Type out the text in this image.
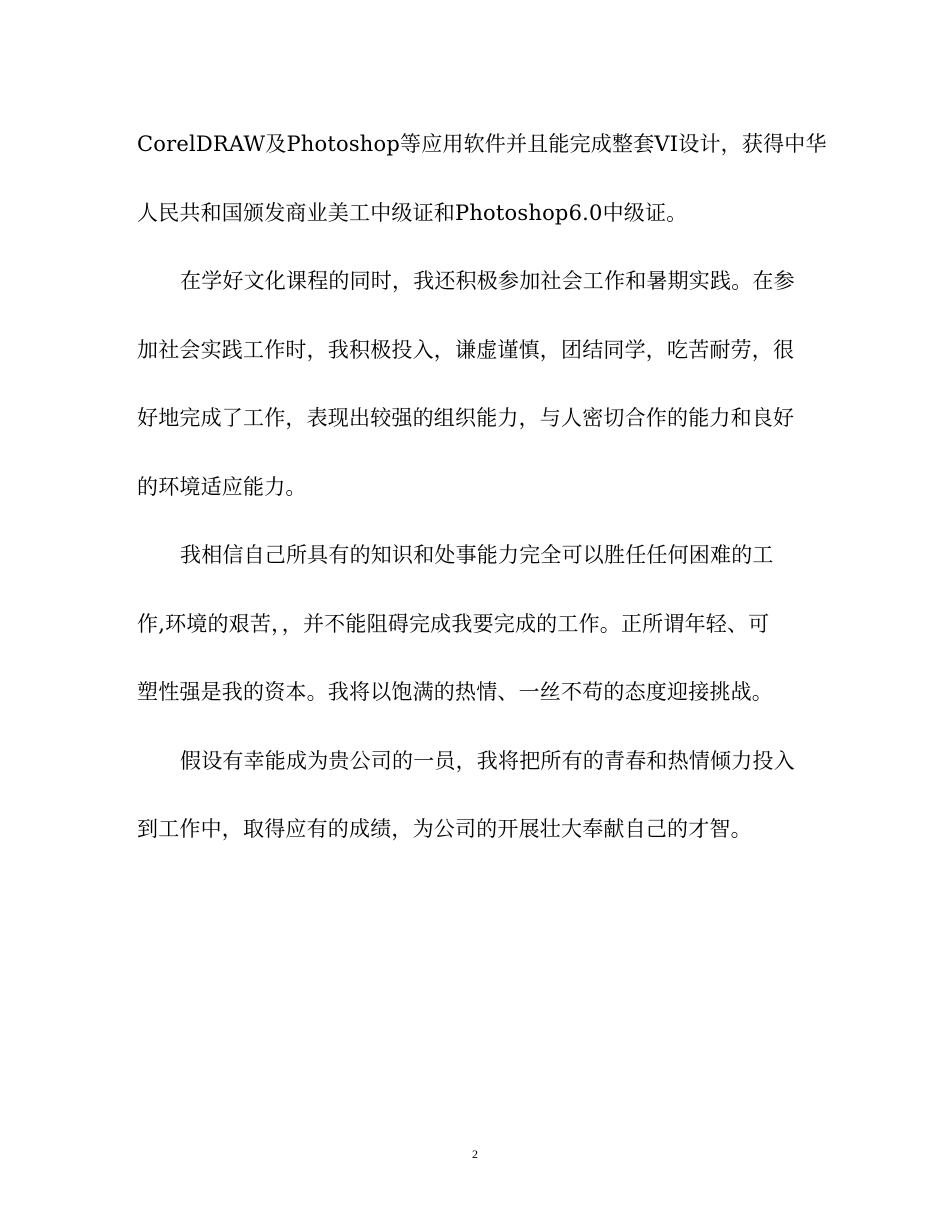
CorelDRAW及Photoshop等应用软件并且能完成整套VI设计，获得中华
人民共和国颁发商业美工中级证和Photoshop6.0中级证。
在学好文化课程的同时，我还积极参加社会工作和暑期实践。在参
加社会实践工作时，我积极投入，谦虚谨慎，团结同学，吃苦耐劳，很
好地完成了工作，表现出较强的组织能力，与人密切合作的能力和良好
的环境适应能力。
我相信自己所具有的知识和处事能力完全可以胜任任何困难的工
作,环境的艰苦，，并不能阻碍完成我要完成的工作。正所谓年轻、可
塑性强是我的资本。我将以饱满的热情、一丝不苟的态度迎接挑战。
假设有幸能成为贵公司的一员，我将把所有的青春和热情倾力投入
到工作中，取得应有的成绩，为公司的开展壮大奉献自己的才智。
2
